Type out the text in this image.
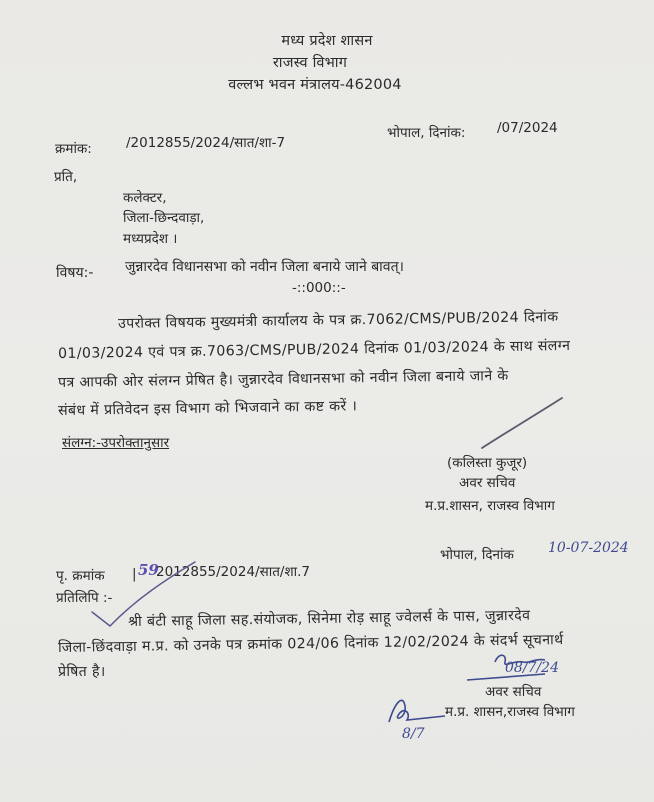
मध्य प्रदेश शासन
राजस्व विभाग
वल्लभ भवन मंत्रालय-462004
क्रमांक:	/2012855/2024/सात/शा-7
भोपाल, दिनांक: /07/2024
प्रति,
कलेक्टर,
जिला-छिन्दवाड़ा,
मध्यप्रदेश ।
विषय:- जुन्नारदेव विधानसभा को नवीन जिला बनाये जाने बावत्।
-::000::-
उपरोक्त विषयक मुख्यमंत्री कार्यालय के पत्र क्र.7062/CMS/PUB/2024 दिनांक
01/03/2024 एवं पत्र क्र.7063/CMS/PUB/2024 दिनांक 01/03/2024 के साथ संलग्न
पत्र आपकी ओर संलग्न प्रेषित है। जुन्नारदेव विधानसभा को नवीन जिला बनाये जाने के
संबंध में प्रतिवेदन इस विभाग को भिजवाने का कष्ट करें ।
संलग्न:-उपरोक्तानुसार
(कलिस्ता कुजूर)
अवर सचिव
म.प्र.शासन, राजस्व विभाग
पृ. क्रमांक | 59
2012855/2024/सात/शा.7
भोपाल, दिनांक 10-07-2024
प्रतिलिपि :-
श्री बंटी साहू जिला सह.संयोजक, सिनेमा रोड़ साहू ज्वेलर्स के पास, जुन्नारदेव
जिला-छिंदवाड़ा म.प्र. को उनके पत्र क्रमांक 024/06 दिनांक 12/02/2024 के संदर्भ सूचनार्थ
प्रेषित है।	08/7/24
अवर सचिव
म.प्र. शासन,राजस्व विभाग
8/7
